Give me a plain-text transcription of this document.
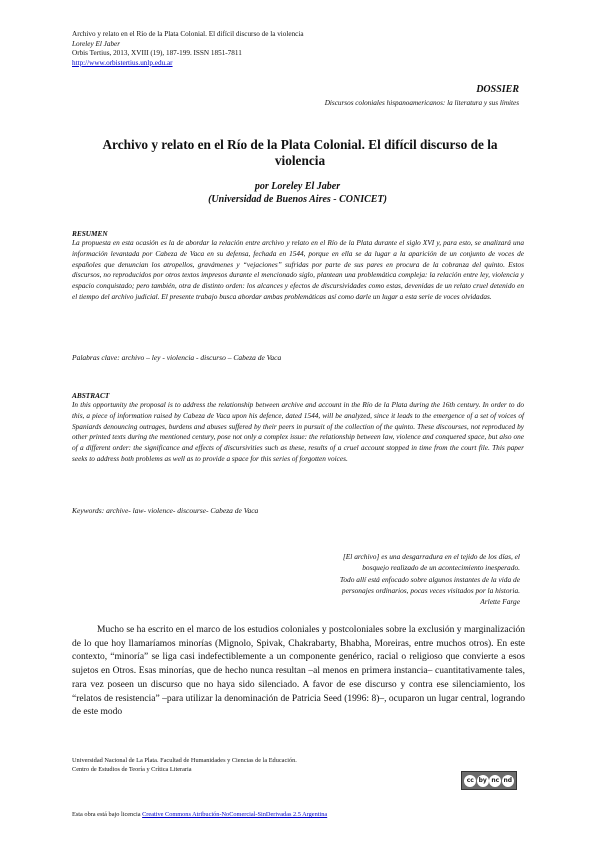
Archivo y relato en el Río de la Plata Colonial. El difícil discurso de la violencia
Loreley El Jaber
Orbis Tertius, 2013, XVIII (19), 187-199. ISSN 1851-7811
http://www.orbistertius.unlp.edu.ar
DOSSIER
Discursos coloniales hispanoamericanos: la literatura y sus límites
Archivo y relato en el Río de la Plata Colonial. El difícil discurso de la violencia
por Loreley El Jaber
(Universidad de Buenos Aires - CONICET)
RESUMEN
La propuesta en esta ocasión es la de abordar la relación entre archivo y relato en el Río de la Plata durante el siglo XVI y, para esto, se analizará una información levantada por Cabeza de Vaca en su defensa, fechada en 1544, porque en ella se da lugar a la aparición de un conjunto de voces de españoles que denuncian los atropellos, gravámenes y “vejaciones” sufridas por parte de sus pares en procura de la cobranza del quinto. Estos discursos, no reproducidos por otros textos impresos durante el mencionado siglo, plantean una problemática compleja: la relación entre ley, violencia y espacio conquistado; pero también, otra de distinto orden: los alcances y efectos de discursividades como estas, devenidas de un relato cruel detenido en el tiempo del archivo judicial. El presente trabajo busca abordar ambas problemáticas así como darle un lugar a esta serie de voces olvidadas.
Palabras clave: archivo – ley - violencia - discurso – Cabeza de Vaca
ABSTRACT
In this opportunity the proposal is to address the relationship between archive and account in the Río de la Plata during the 16th century. In order to do this, a piece of information raised by Cabeza de Vaca upon his defence, dated 1544, will be analyzed, since it leads to the emergence of a set of voices of Spaniards denouncing outrages, burdens and abuses suffered by their peers in pursuit of the collection of the quinto. These discourses, not reproduced by other printed texts during the mentioned century, pose not only a complex issue: the relationship between law, violence and conquered space, but also one of a different order: the significance and effects of discursivities such as these, results of a cruel account stopped in time from the court file. This paper seeks to address both problems as well as to provide a space for this series of forgotten voices.
Keywords: archive- law- violence- discourse- Cabeza de Vaca
[El archivo] es una desgarradura en el tejido de los días, el
bosquejo realizado de un acontecimiento inesperado.
Todo allí está enfocado sobre algunos instantes de la vida de
personajes ordinarios, pocas veces visitados por la historia.
Arlette Farge
Mucho se ha escrito en el marco de los estudios coloniales y postcoloniales sobre la exclusión y marginalización de lo que hoy llamaríamos minorías (Mignolo, Spivak, Chakrabarty, Bhabha, Moreiras, entre muchos otros). En este contexto, “minoría” se liga casi indefectiblemente a un componente genérico, racial o religioso que convierte a esos sujetos en Otros. Esas minorías, que de hecho nunca resultan –al menos en primera instancia– cuantitativamente tales, rara vez poseen un discurso que no haya sido silenciado. A favor de ese discurso y contra ese silenciamiento, los “relatos de resistencia” –para utilizar la denominación de Patricia Seed (1996: 8)–, ocuparon un lugar central, logrando de este modo
Universidad Nacional de La Plata. Facultad de Humanidades y Ciencias de la Educación.
Centro de Estudios de Teoría y Crítica Literaria
cc by nc nd
Esta obra está bajo licencia Creative Commons Atribución-NoComercial-SinDerivadas 2.5 Argentina
